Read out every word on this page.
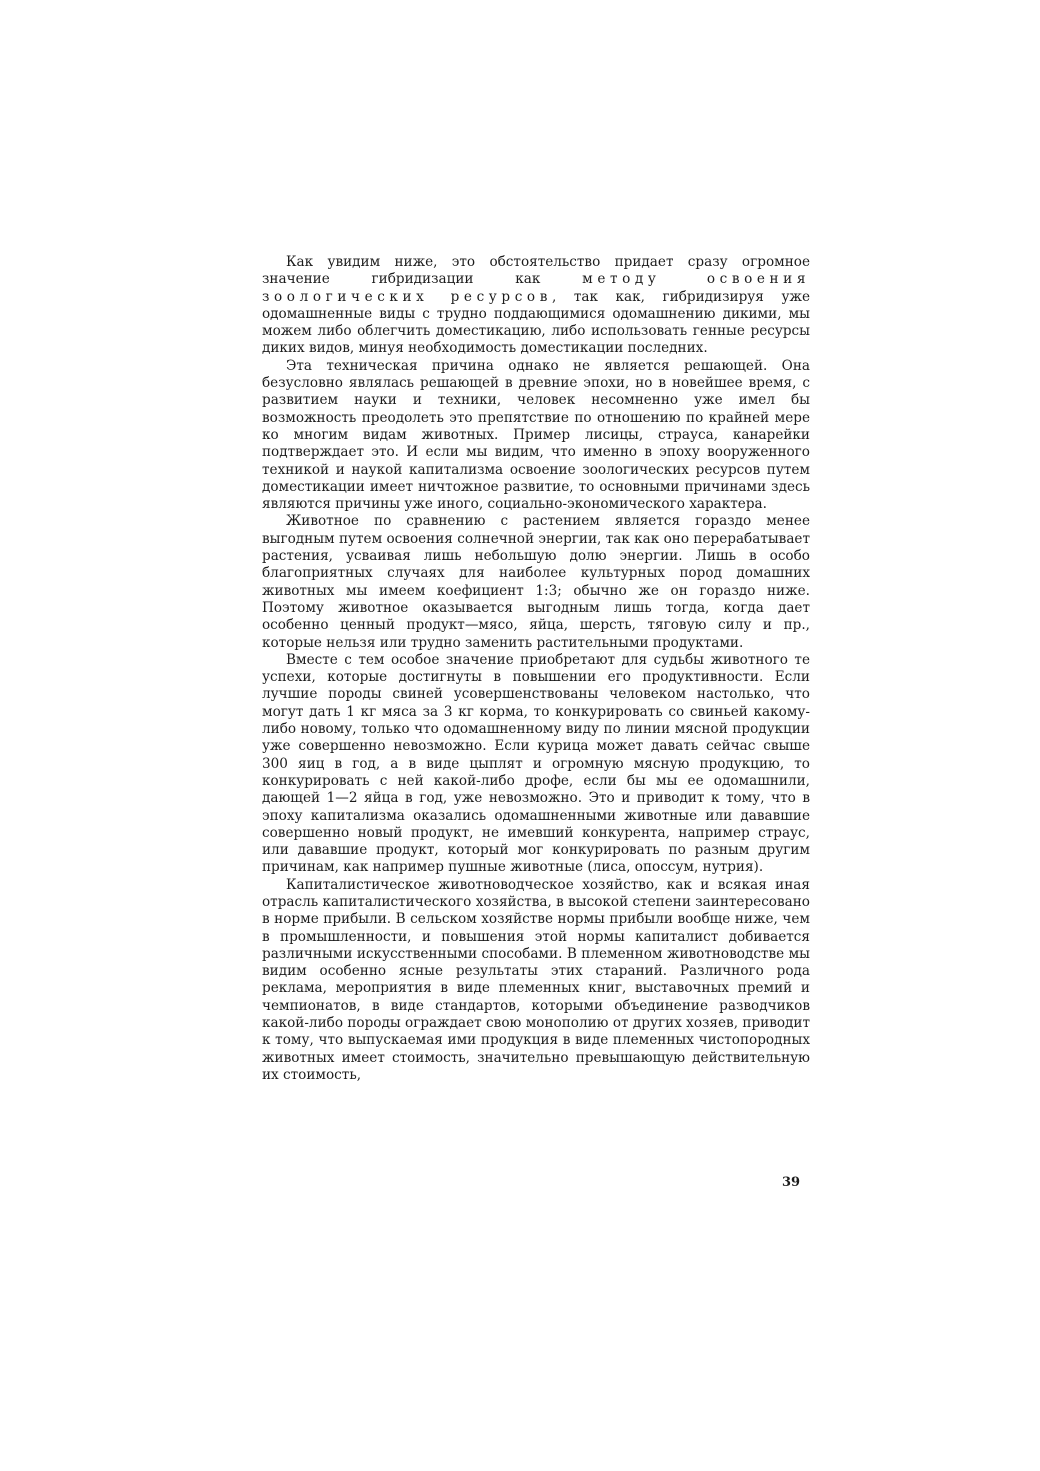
Как увидим ниже, это обстоятельство придает сразу огромное значение гибридизации как методу освоения зоологических ресурсов, так как, гибридизируя уже одомашненные виды с трудно поддающимися одомашнению дикими, мы можем либо облегчить доместикацию, либо использовать генные ресурсы диких видов, минуя необходимость доместикации последних.

Эта техническая причина однако не является решающей. Она безусловно являлась решающей в древние эпохи, но в новейшее время, с развитием науки и техники, человек несомненно уже имел бы возможность преодолеть это препятствие по отношению по крайней мере ко многим видам животных. Пример лисицы, страуса, канарейки подтверждает это. И если мы видим, что именно в эпоху вооруженного техникой и наукой капитализма освоение зоологических ресурсов путем доместикации имеет ничтожное развитие, то основными причинами здесь являются причины уже иного, социально-экономического характера.

Животное по сравнению с растением является гораздо менее выгодным путем освоения солнечной энергии, так как оно перерабатывает растения, усваивая лишь небольшую долю энергии. Лишь в особо благоприятных случаях для наиболее культурных пород домашних животных мы имеем коефициент 1:3; обычно же он гораздо ниже. Поэтому животное оказывается выгодным лишь тогда, когда дает особенно ценный продукт—мясо, яйца, шерсть, тяговую силу и пр., которые нельзя или трудно заменить растительными продуктами.

Вместе с тем особое значение приобретают для судьбы животного те успехи, которые достигнуты в повышении его продуктивности. Если лучшие породы свиней усовершенствованы человеком настолько, что могут дать 1 кг мяса за 3 кг корма, то конкурировать со свиньей какому-либо новому, только что одомашненному виду по линии мясной продукции уже совершенно невозможно. Если курица может давать сейчас свыше 300 яиц в год, а в виде цыплят и огромную мясную продукцию, то конкурировать с ней какой-либо дрофе, если бы мы ее одомашнили, дающей 1—2 яйца в год, уже невозможно. Это и приводит к тому, что в эпоху капитализма оказались одомашненными животные или дававшие совершенно новый продукт, не имевший конкурента, например страус, или дававшие продукт, который мог конкурировать по разным другим причинам, как например пушные животные (лиса, опоссум, нутрия).

Капиталистическое животноводческое хозяйство, как и всякая иная отрасль капиталистического хозяйства, в высокой степени заинтересовано в норме прибыли. В сельском хозяйстве нормы прибыли вообще ниже, чем в промышленности, и повышения этой нормы капиталист добивается различными искусственными способами. В племенном животноводстве мы видим особенно ясные результаты этих стараний. Различного рода реклама, мероприятия в виде племенных книг, выставочных премий и чемпионатов, в виде стандартов, которыми объединение разводчиков какой-либо породы ограждает свою монополию от других хозяев, приводит к тому, что выпускаемая ими продукция в виде племенных чистопородных животных имеет стоимость, значительно превышающую действительную их стоимость,

39
